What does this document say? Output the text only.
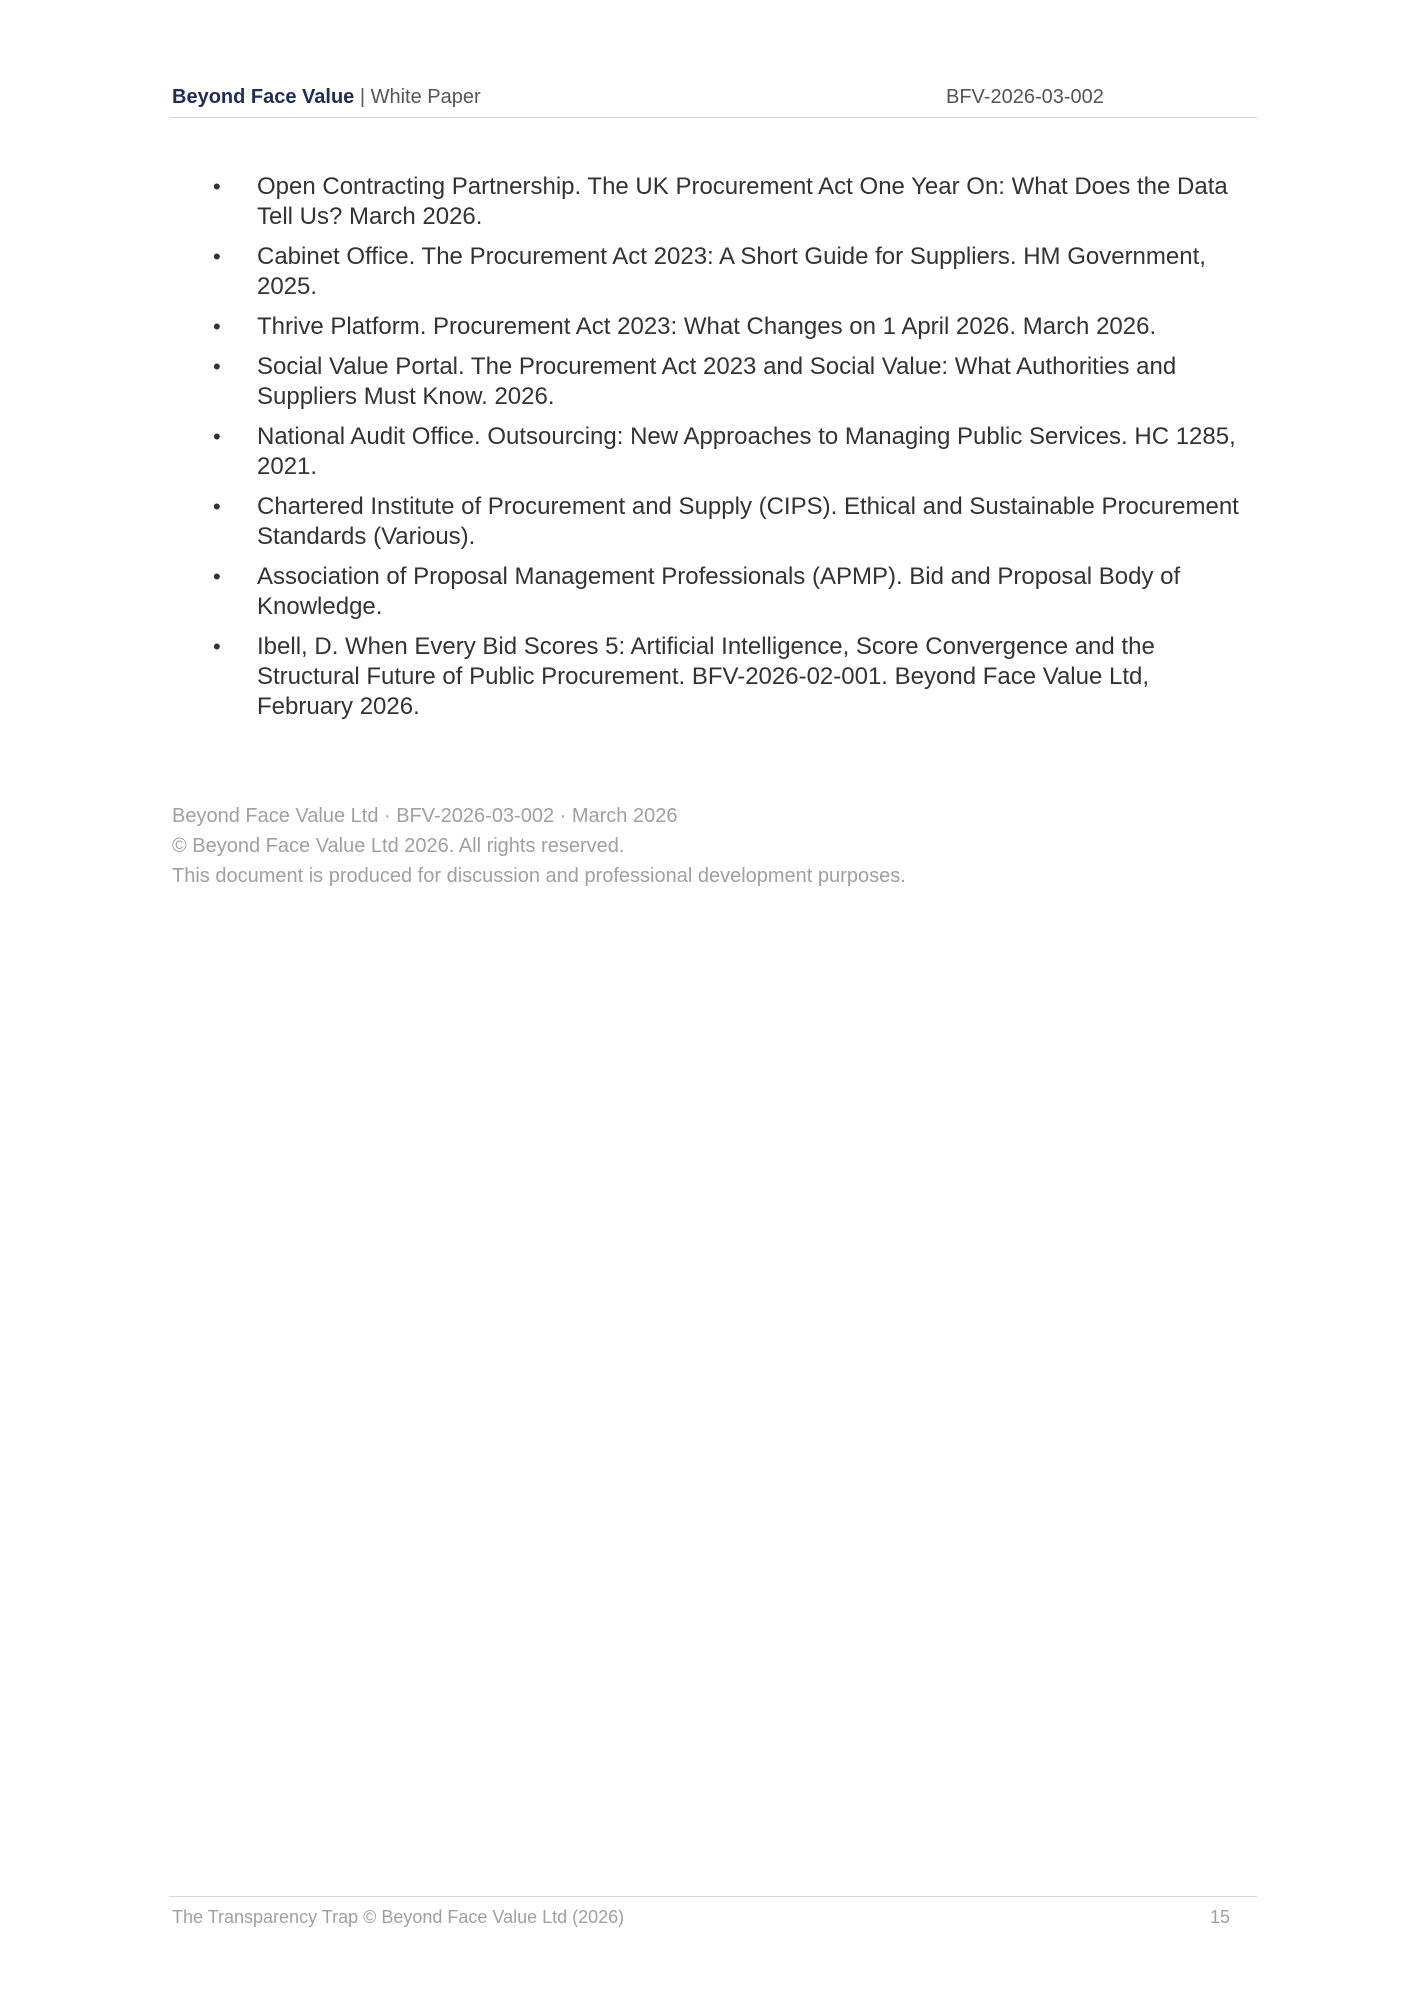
Beyond Face Value | White Paper	BFV-2026-03-002
• Open Contracting Partnership. The UK Procurement Act One Year On: What Does the Data Tell Us? March 2026.
• Cabinet Office. The Procurement Act 2023: A Short Guide for Suppliers. HM Government, 2025.
• Thrive Platform. Procurement Act 2023: What Changes on 1 April 2026. March 2026.
• Social Value Portal. The Procurement Act 2023 and Social Value: What Authorities and Suppliers Must Know. 2026.
• National Audit Office. Outsourcing: New Approaches to Managing Public Services. HC 1285, 2021.
• Chartered Institute of Procurement and Supply (CIPS). Ethical and Sustainable Procurement Standards (Various).
• Association of Proposal Management Professionals (APMP). Bid and Proposal Body of Knowledge.
• Ibell, D. When Every Bid Scores 5: Artificial Intelligence, Score Convergence and the Structural Future of Public Procurement. BFV-2026-02-001. Beyond Face Value Ltd, February 2026.
Beyond Face Value Ltd · BFV-2026-03-002 · March 2026
© Beyond Face Value Ltd 2026. All rights reserved.
This document is produced for discussion and professional development purposes.
The Transparency Trap © Beyond Face Value Ltd (2026)	15
